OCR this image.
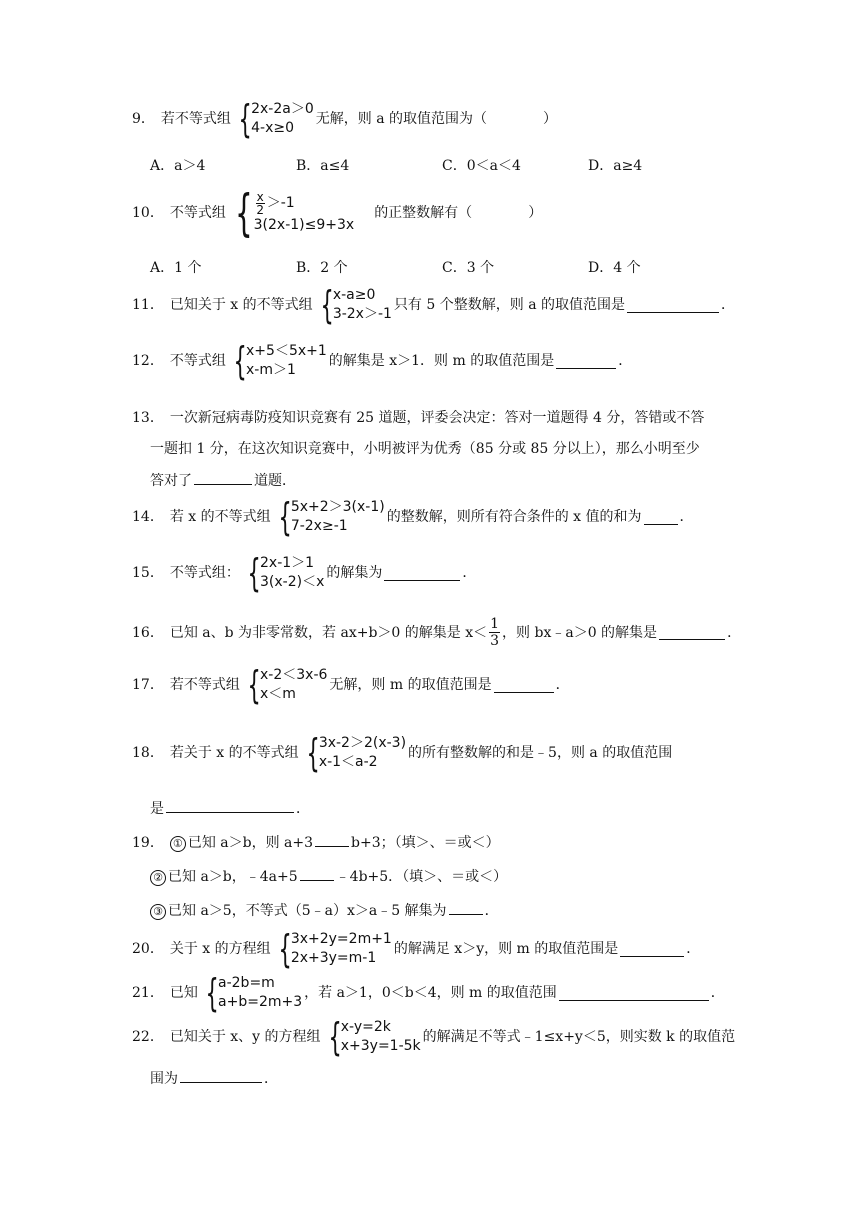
9． 若不等式组 { 2x-2a＞0
4-x≥0
无解，则 a 的取值范围为（	）
A．a＞4	B．a≤4	C．0＜a＜4	D．a≥4
10． 不等式组 { $\frac{x}{2} >-1$
3(2x-1)≤9+3x
的正整数解有（	）
A．1 个	B．2 个	C．3 个	D．4 个
11． 已知关于 x 的不等式组 { x-a≥0
3-2x＞-1
只有 5 个整数解，则 a 的取值范围是	．
12． 不等式组 { x+5＜5x+1
x-m＞1
的解集是 x＞1．则 m 的取值范围是	．
13． 一次新冠病毒防疫知识竞赛有 25 道题，评委会决定：答对一道题得 4 分，答错或不答
一题扣 1 分，在这次知识竞赛中，小明被评为优秀（85 分或 85 分以上），那么小明至少
答对了	道题．
14． 若 x 的不等式组 { 5x+2＞3(x-1)
7-2x≥-1
的整数解，则所有符合条件的 x 值的和为	．
15． 不等式组： { 2x-1＞1
3(x-2)＜x
的解集为	．
16． 已知 a、b 为非零常数，若 ax+b＞0 的解集是 $x< \frac{1}{3}$ ，则 bx﹣a＞0 的解集是	．
17． 若不等式组 { x-2＜3x-6
x＜m
无解，则 m 的取值范围是	．
18． 若关于 x 的不等式组 { 3x-2＞2(x-3)
x-1＜a-2
的所有整数解的和是﹣5，则 a 的取值范围
是	．
19． ① 已知 a＞b，则 a+3	b+3；（填＞、＝或＜）
② 已知 a＞b，﹣4a+5	﹣4b+5．（填＞、＝或＜）
③ 已知 a＞5，不等式（5﹣a）x＞a﹣5 解集为	．
20． 关于 x 的方程组 { 3x+2y=2m+1
2x+3y=m-1
的解满足 x＞y，则 m 的取值范围是	．
21． 已知 { a-2b=m
a+b=2m+3
，若 a＞1，0＜b＜4，则 m 的取值范围	．
22． 已知关于 x、y 的方程组 { x-y=2k
x+3y=1-5k
的解满足不等式﹣1≤x+y＜5，则实数 k 的取值范
围为	．
